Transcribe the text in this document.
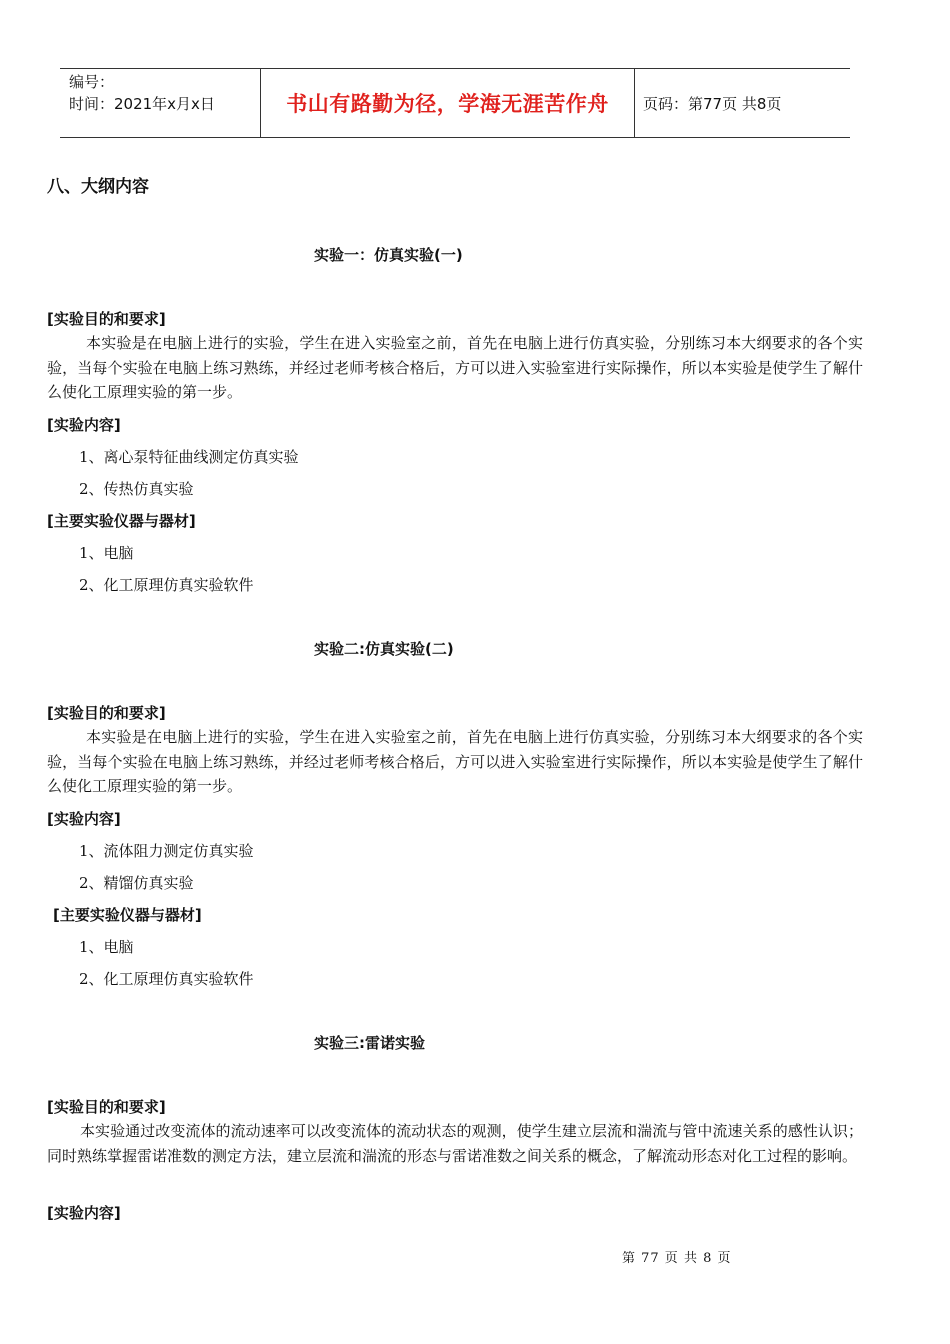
编号：
时间：2021年x月x日	书山有路勤为径，学海无涯苦作舟	页码：第77页 共8页
八、大纲内容
实验一：仿真实验(一)
[实验目的和要求]
本实验是在电脑上进行的实验，学生在进入实验室之前，首先在电脑上进行仿真实验，分别练习本大纲要求的各个实验，当每个实验在电脑上练习熟练，并经过老师考核合格后，方可以进入实验室进行实际操作，所以本实验是使学生了解什么使化工原理实验的第一步。
[实验内容]
1、离心泵特征曲线测定仿真实验
2、传热仿真实验
[主要实验仪器与器材]
1、电脑
2、化工原理仿真实验软件
实验二:仿真实验(二)
[实验目的和要求]
本实验是在电脑上进行的实验，学生在进入实验室之前，首先在电脑上进行仿真实验，分别练习本大纲要求的各个实验，当每个实验在电脑上练习熟练，并经过老师考核合格后，方可以进入实验室进行实际操作，所以本实验是使学生了解什么使化工原理实验的第一步。
[实验内容]
1、流体阻力测定仿真实验
2、精馏仿真实验
[主要实验仪器与器材]
1、电脑
2、化工原理仿真实验软件
实验三:雷诺实验
[实验目的和要求]
本实验通过改变流体的流动速率可以改变流体的流动状态的观测，使学生建立层流和湍流与管中流速关系的感性认识；同时熟练掌握雷诺准数的测定方法，建立层流和湍流的形态与雷诺准数之间关系的概念，了解流动形态对化工过程的影响。
[实验内容]
第 77 页 共 8 页
